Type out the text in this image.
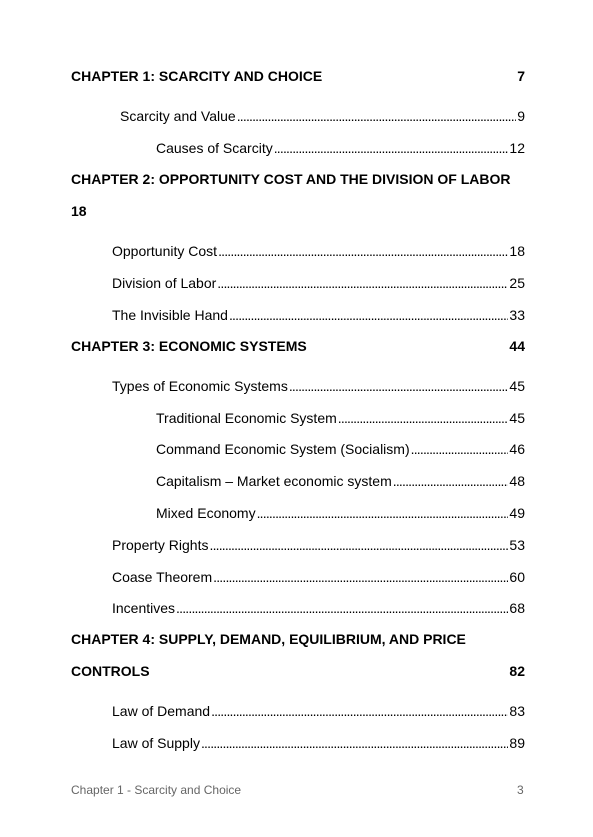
CHAPTER 1: SCARCITY AND CHOICE	7
Scarcity and Value . . .	9
Causes of Scarcity . . .	12
CHAPTER 2: OPPORTUNITY COST AND THE DIVISION OF LABOR
18
Opportunity Cost . . .	18
Division of Labor . . .	25
The Invisible Hand . . .	33
CHAPTER 3: ECONOMIC SYSTEMS	44
Types of Economic Systems . . .	45
Traditional Economic System . . .	45
Command Economic System (Socialism) . . .	46
Capitalism – Market economic system . . .	48
Mixed Economy . . .	49
Property Rights . . .	53
Coase Theorem . . .	60
Incentives . . .	68
CHAPTER 4: SUPPLY, DEMAND, EQUILIBRIUM, AND PRICE
CONTROLS	82
Law of Demand . . .	83
Law of Supply . . .	89
Chapter 1 - Scarcity and Choice	3
